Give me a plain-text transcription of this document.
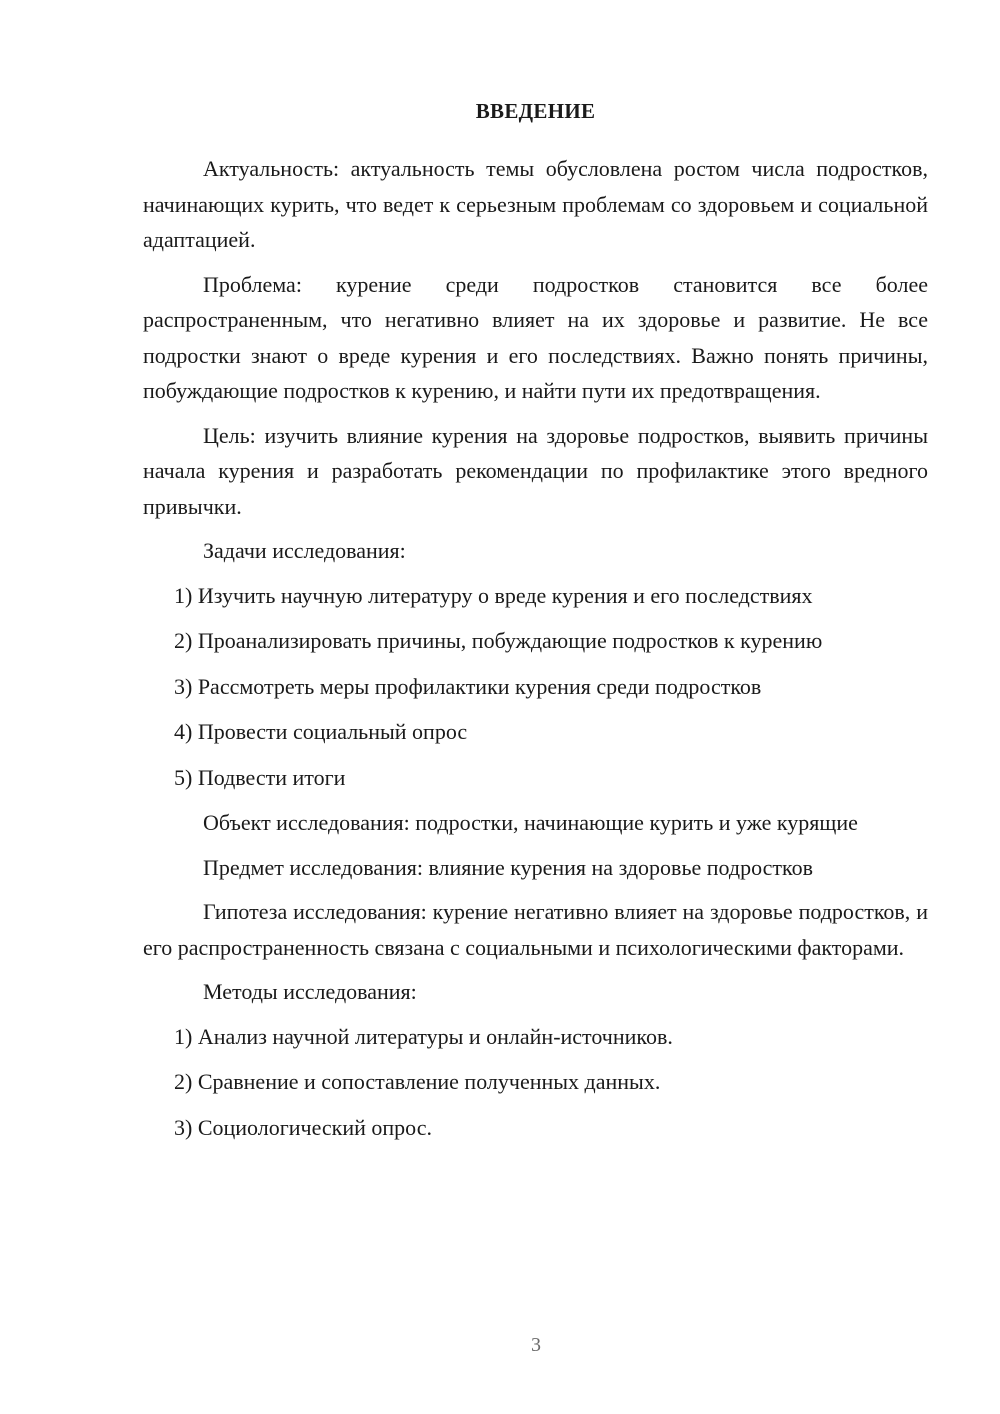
ВВЕДЕНИЕ

Актуальность: актуальность темы обусловлена ростом числа подростков, начинающих курить, что ведет к серьезным проблемам со здоровьем и социальной адаптацией.

Проблема: курение среди подростков становится все более распространенным, что негативно влияет на их здоровье и развитие. Не все подростки знают о вреде курения и его последствиях. Важно понять причины, побуждающие подростков к курению, и найти пути их предотвращения.

Цель: изучить влияние курения на здоровье подростков, выявить причины начала курения и разработать рекомендации по профилактике этого вредного привычки.

Задачи исследования:

1) Изучить научную литературу о вреде курения и его последствиях

2) Проанализировать причины, побуждающие подростков к курению

3) Рассмотреть меры профилактики курения среди подростков

4) Провести социальный опрос

5) Подвести итоги

Объект исследования: подростки, начинающие курить и уже курящие

Предмет исследования: влияние курения на здоровье подростков

Гипотеза исследования: курение негативно влияет на здоровье подростков, и его распространенность связана с социальными и психологическими факторами.

Методы исследования:

1) Анализ научной литературы и онлайн-источников.

2) Сравнение и сопоставление полученных данных.

3) Социологический опрос.

3
